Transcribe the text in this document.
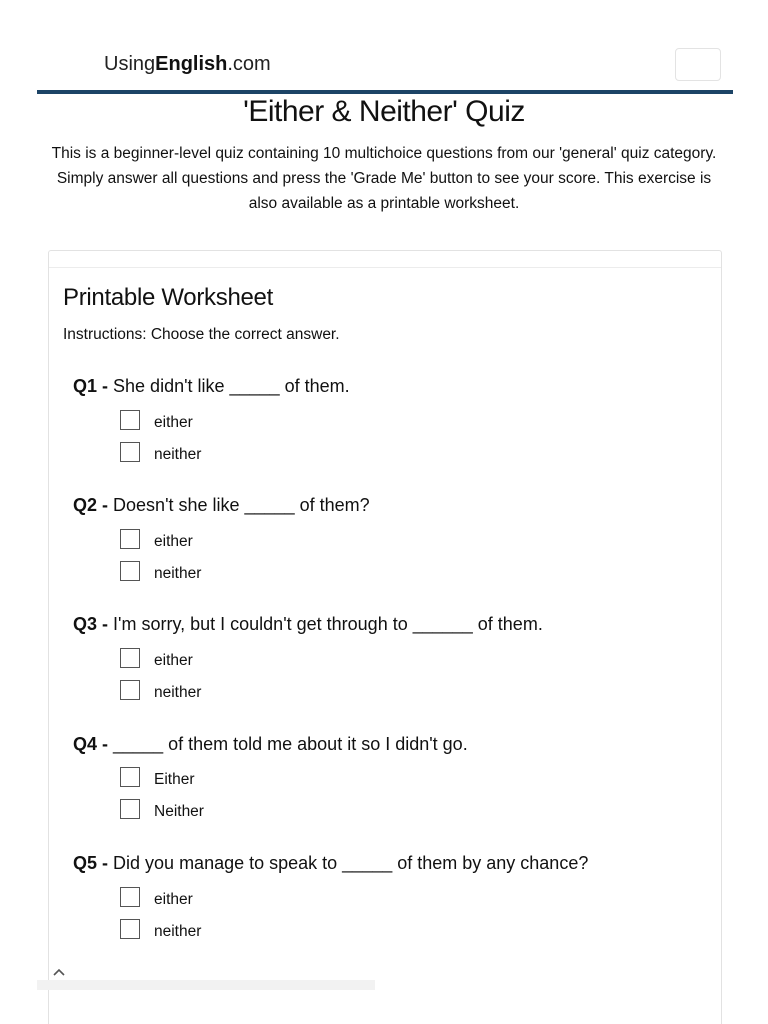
UsingEnglish.com
'Either & Neither' Quiz

This is a beginner-level quiz containing 10 multichoice questions from our 'general' quiz category. Simply answer all questions and press the 'Grade Me' button to see your score. This exercise is also available as a printable worksheet.

Printable Worksheet

Instructions: Choose the correct answer.

Q1 - She didn't like _____ of them.
either
neither
Q2 - Doesn't she like _____ of them?
either
neither
Q3 - I'm sorry, but I couldn't get through to ______ of them.
either
neither
Q4 - _____ of them told me about it so I didn't go.
Either
Neither
Q5 - Did you manage to speak to _____ of them by any chance?
either
neither
